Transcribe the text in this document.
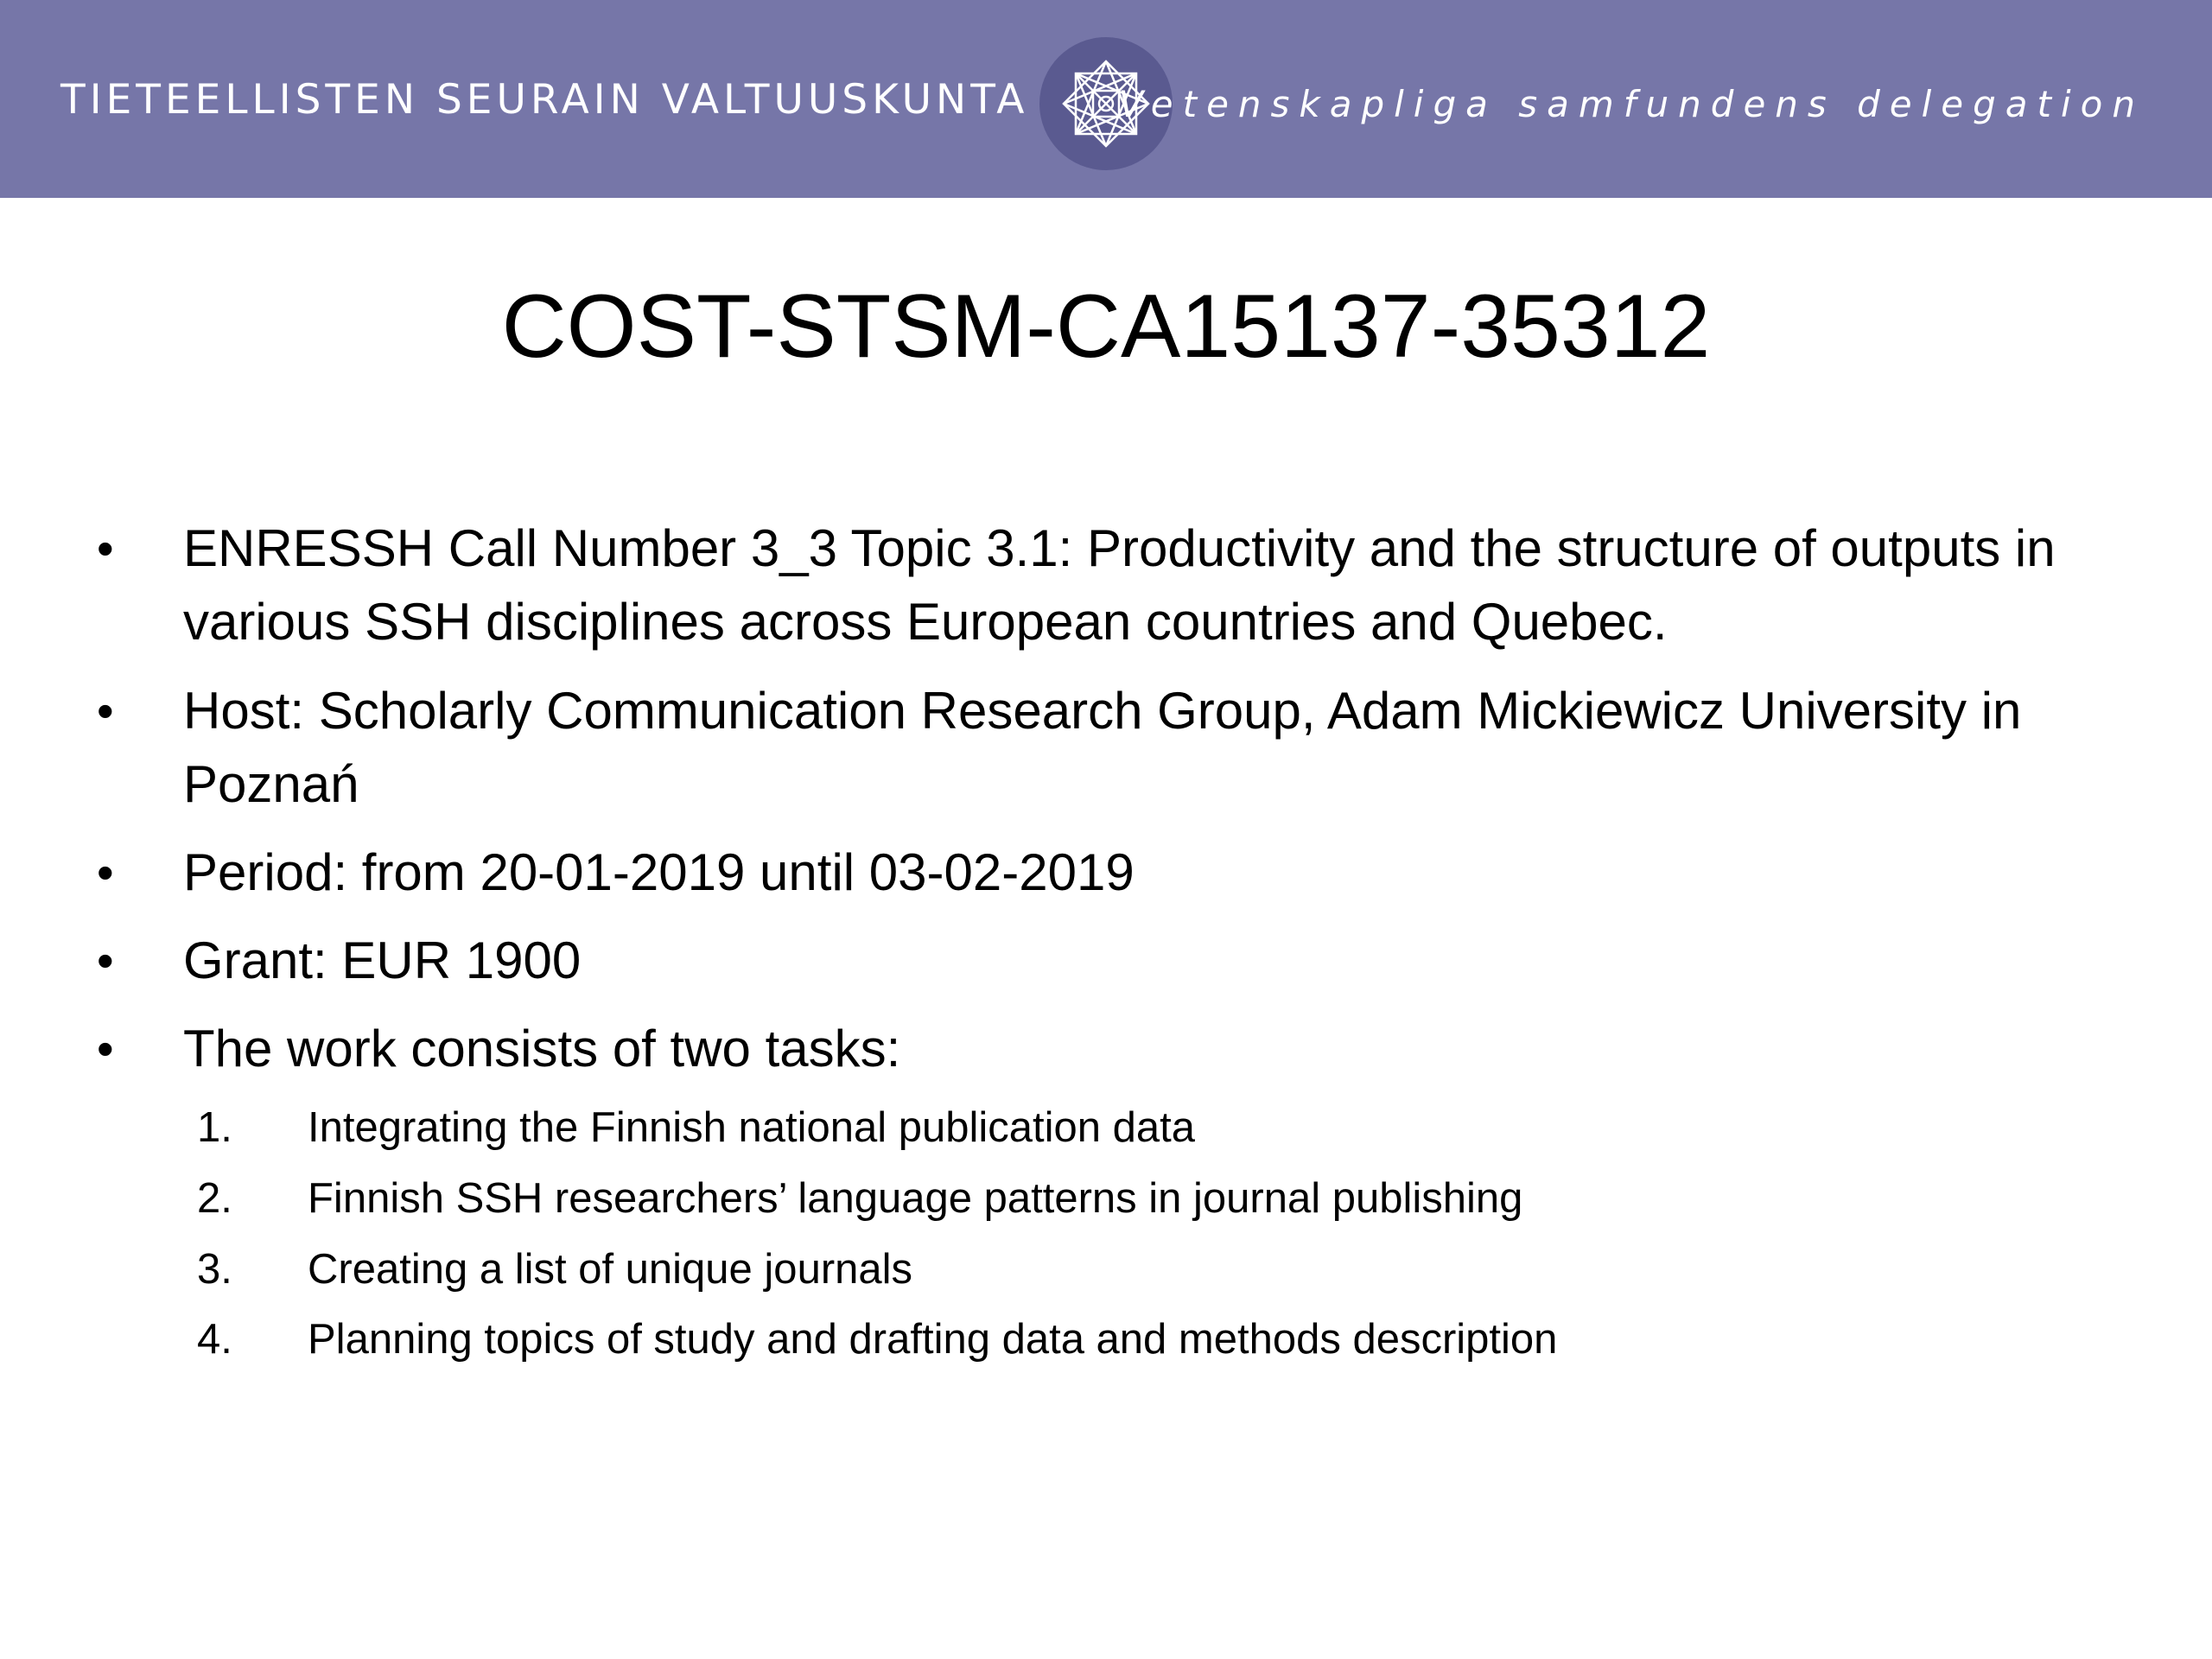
TIETEELLISTEN SEURAIN VALTUUSKUNTA Vetenskapliga samfundens delegation
COST-STSM-CA15137-35312
• ENRESSH Call Number 3_3 Topic 3.1: Productivity and the structure of outputs in various SSH disciplines across European countries and Quebec.
• Host: Scholarly Communication Research Group, Adam Mickiewicz University in Poznań
• Period: from 20-01-2019 until 03-02-2019
• Grant: EUR 1900
• The work consists of two tasks:
1. Integrating the Finnish national publication data
2. Finnish SSH researchers’ language patterns in journal publishing
3. Creating a list of unique journals
4. Planning topics of study and drafting data and methods description
